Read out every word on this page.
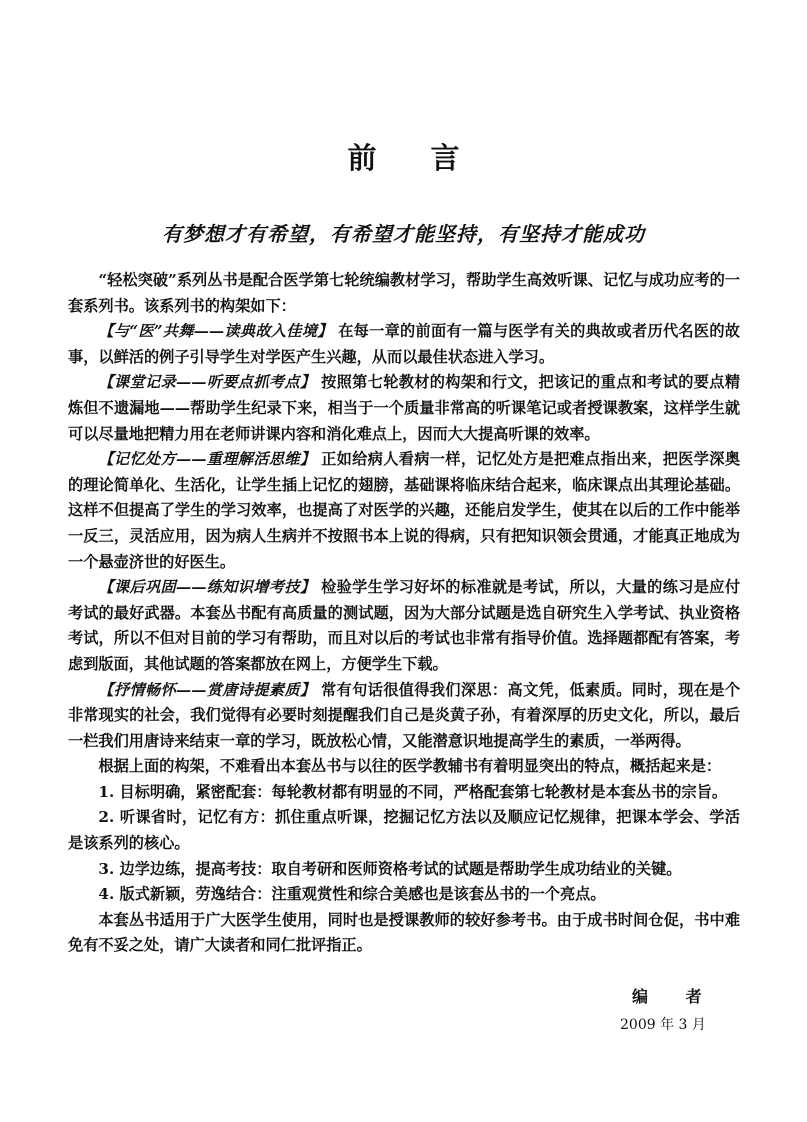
前 言
有梦想才有希望，有希望才能坚持，有坚持才能成功

“轻松突破”系列丛书是配合医学第七轮统编教材学习，帮助学生高效听课、记忆与成功应考的一套系列书。该系列书的构架如下：

【与“医”共舞——读典故入佳境】 在每一章的前面有一篇与医学有关的典故或者历代名医的故事，以鲜活的例子引导学生对学医产生兴趣，从而以最佳状态进入学习。

【课堂记录——听要点抓考点】 按照第七轮教材的构架和行文，把该记的重点和考试的要点精炼但不遗漏地——帮助学生纪录下来，相当于一个质量非常高的听课笔记或者授课教案，这样学生就可以尽量地把精力用在老师讲课内容和消化难点上，因而大大提高听课的效率。

【记忆处方——重理解活思维】 正如给病人看病一样，记忆处方是把难点指出来，把医学深奥的理论简单化、生活化，让学生插上记忆的翅膀，基础课将临床结合起来，临床课点出其理论基础。这样不但提高了学生的学习效率，也提高了对医学的兴趣，还能启发学生，使其在以后的工作中能举一反三，灵活应用，因为病人生病并不按照书本上说的得病，只有把知识领会贯通，才能真正地成为一个悬壶济世的好医生。

【课后巩固——练知识增考技】 检验学生学习好坏的标准就是考试，所以，大量的练习是应付考试的最好武器。本套丛书配有高质量的测试题，因为大部分试题是选自研究生入学考试、执业资格考试，所以不但对目前的学习有帮助，而且对以后的考试也非常有指导价值。选择题都配有答案，考虑到版面，其他试题的答案都放在网上，方便学生下载。

【抒情畅怀——赏唐诗提素质】 常有句话很值得我们深思：高文凭，低素质。同时，现在是个非常现实的社会，我们觉得有必要时刻提醒我们自己是炎黄子孙，有着深厚的历史文化，所以，最后一栏我们用唐诗来结束一章的学习，既放松心情，又能潜意识地提高学生的素质，一举两得。

根据上面的构架，不难看出本套丛书与以往的医学教辅书有着明显突出的特点，概括起来是：

1. 目标明确，紧密配套：每轮教材都有明显的不同，严格配套第七轮教材是本套丛书的宗旨。

2. 听课省时，记忆有方：抓住重点听课，挖掘记忆方法以及顺应记忆规律，把课本学会、学活是该系列的核心。

3. 边学边练，提高考技：取自考研和医师资格考试的试题是帮助学生成功结业的关键。

4. 版式新颖，劳逸结合：注重观赏性和综合美感也是该套丛书的一个亮点。

本套丛书适用于广大医学生使用，同时也是授课教师的较好参考书。由于成书时间仓促，书中难免有不妥之处，请广大读者和同仁批评指正。

编 者
2009 年 3 月
